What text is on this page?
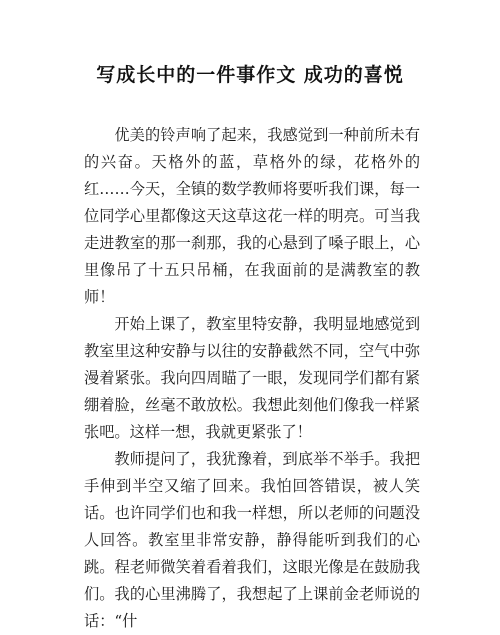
写成长中的一件事作文 成功的喜悦

优美的铃声响了起来，我感觉到一种前所未有的兴奋。天格外的蓝，草格外的绿，花格外的红……今天，全镇的数学教师将要听我们课，每一位同学心里都像这天这草这花一样的明亮。可当我走进教室的那一刹那，我的心悬到了嗓子眼上，心里像吊了十五只吊桶，在我面前的是满教室的教师！

开始上课了，教室里特安静，我明显地感觉到教室里这种安静与以往的安静截然不同，空气中弥漫着紧张。我向四周瞄了一眼，发现同学们都有紧绷着脸，丝毫不敢放松。我想此刻他们像我一样紧张吧。这样一想，我就更紧张了！

教师提问了，我犹豫着，到底举不举手。我把手伸到半空又缩了回来。我怕回答错误，被人笑话。也许同学们也和我一样想，所以老师的问题没人回答。教室里非常安静，静得能听到我们的心跳。程老师微笑着看着我们，这眼光像是在鼓励我们。我的心里沸腾了，我想起了上课前金老师说的话：“什
